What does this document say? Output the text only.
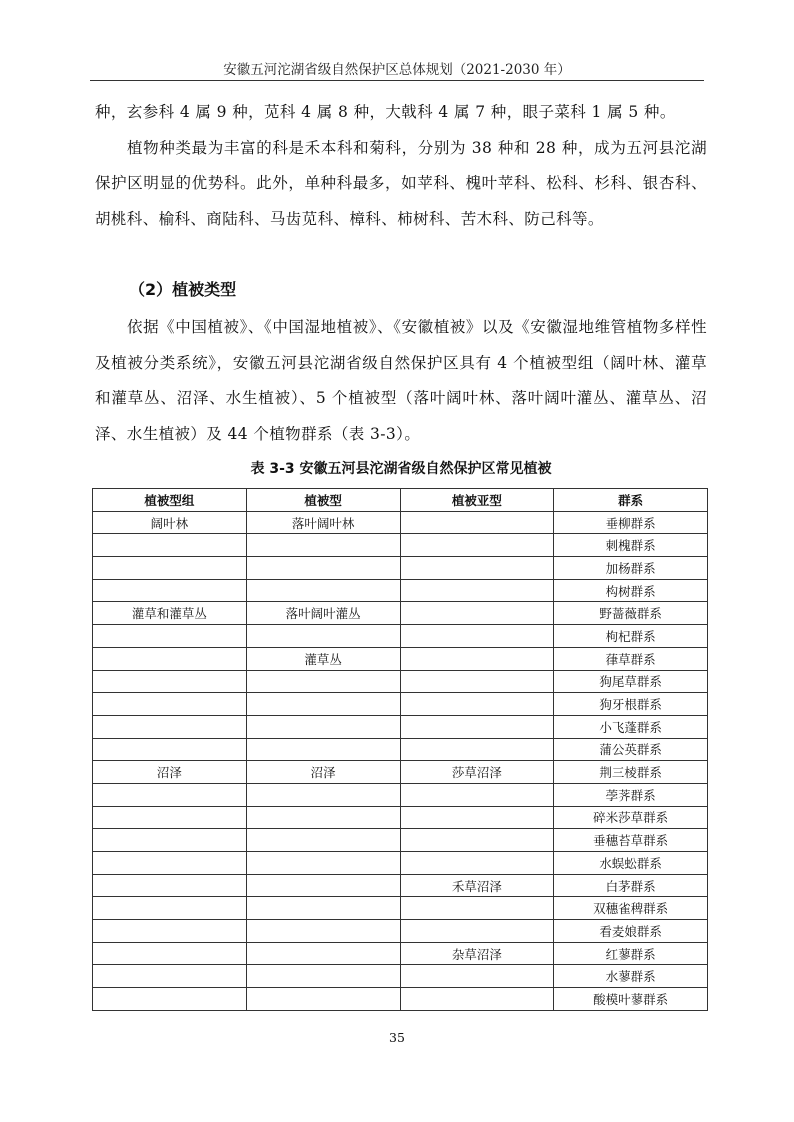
安徽五河沱湖省级自然保护区总体规划（2021-2030 年）

种，玄参科 4 属 9 种，苋科 4 属 8 种，大戟科 4 属 7 种，眼子菜科 1 属 5 种。

植物种类最为丰富的科是禾本科和菊科，分别为 38 种和 28 种，成为五河县沱湖保护区明显的优势科。此外，单种科最多，如苹科、槐叶苹科、松科、杉科、银杏科、胡桃科、榆科、商陆科、马齿苋科、樟科、柿树科、苦木科、防己科等。

（2）植被类型

依据《中国植被》、《中国湿地植被》、《安徽植被》以及《安徽湿地维管植物多样性及植被分类系统》，安徽五河县沱湖省级自然保护区具有 4 个植被型组（阔叶林、灌草和灌草丛、沼泽、水生植被）、5 个植被型（落叶阔叶林、落叶阔叶灌丛、灌草丛、沼泽、水生植被）及 44 个植物群系（表 3-3）。

表 3-3 安徽五河县沱湖省级自然保护区常见植被
植被型组	植被型	植被亚型	群系
阔叶林	落叶阔叶林		垂柳群系
			刺槐群系
			加杨群系
			构树群系
灌草和灌草丛	落叶阔叶灌丛		野蔷薇群系
			枸杞群系
	灌草丛		葎草群系
			狗尾草群系
			狗牙根群系
			小飞蓬群系
			蒲公英群系
沼泽	沼泽	莎草沼泽	荆三棱群系
			荸荠群系
			碎米莎草群系
			垂穗苔草群系
			水蜈蚣群系
		禾草沼泽	白茅群系
			双穗雀稗群系
			看麦娘群系
		杂草沼泽	红蓼群系
			水蓼群系
			酸模叶蓼群系
35
